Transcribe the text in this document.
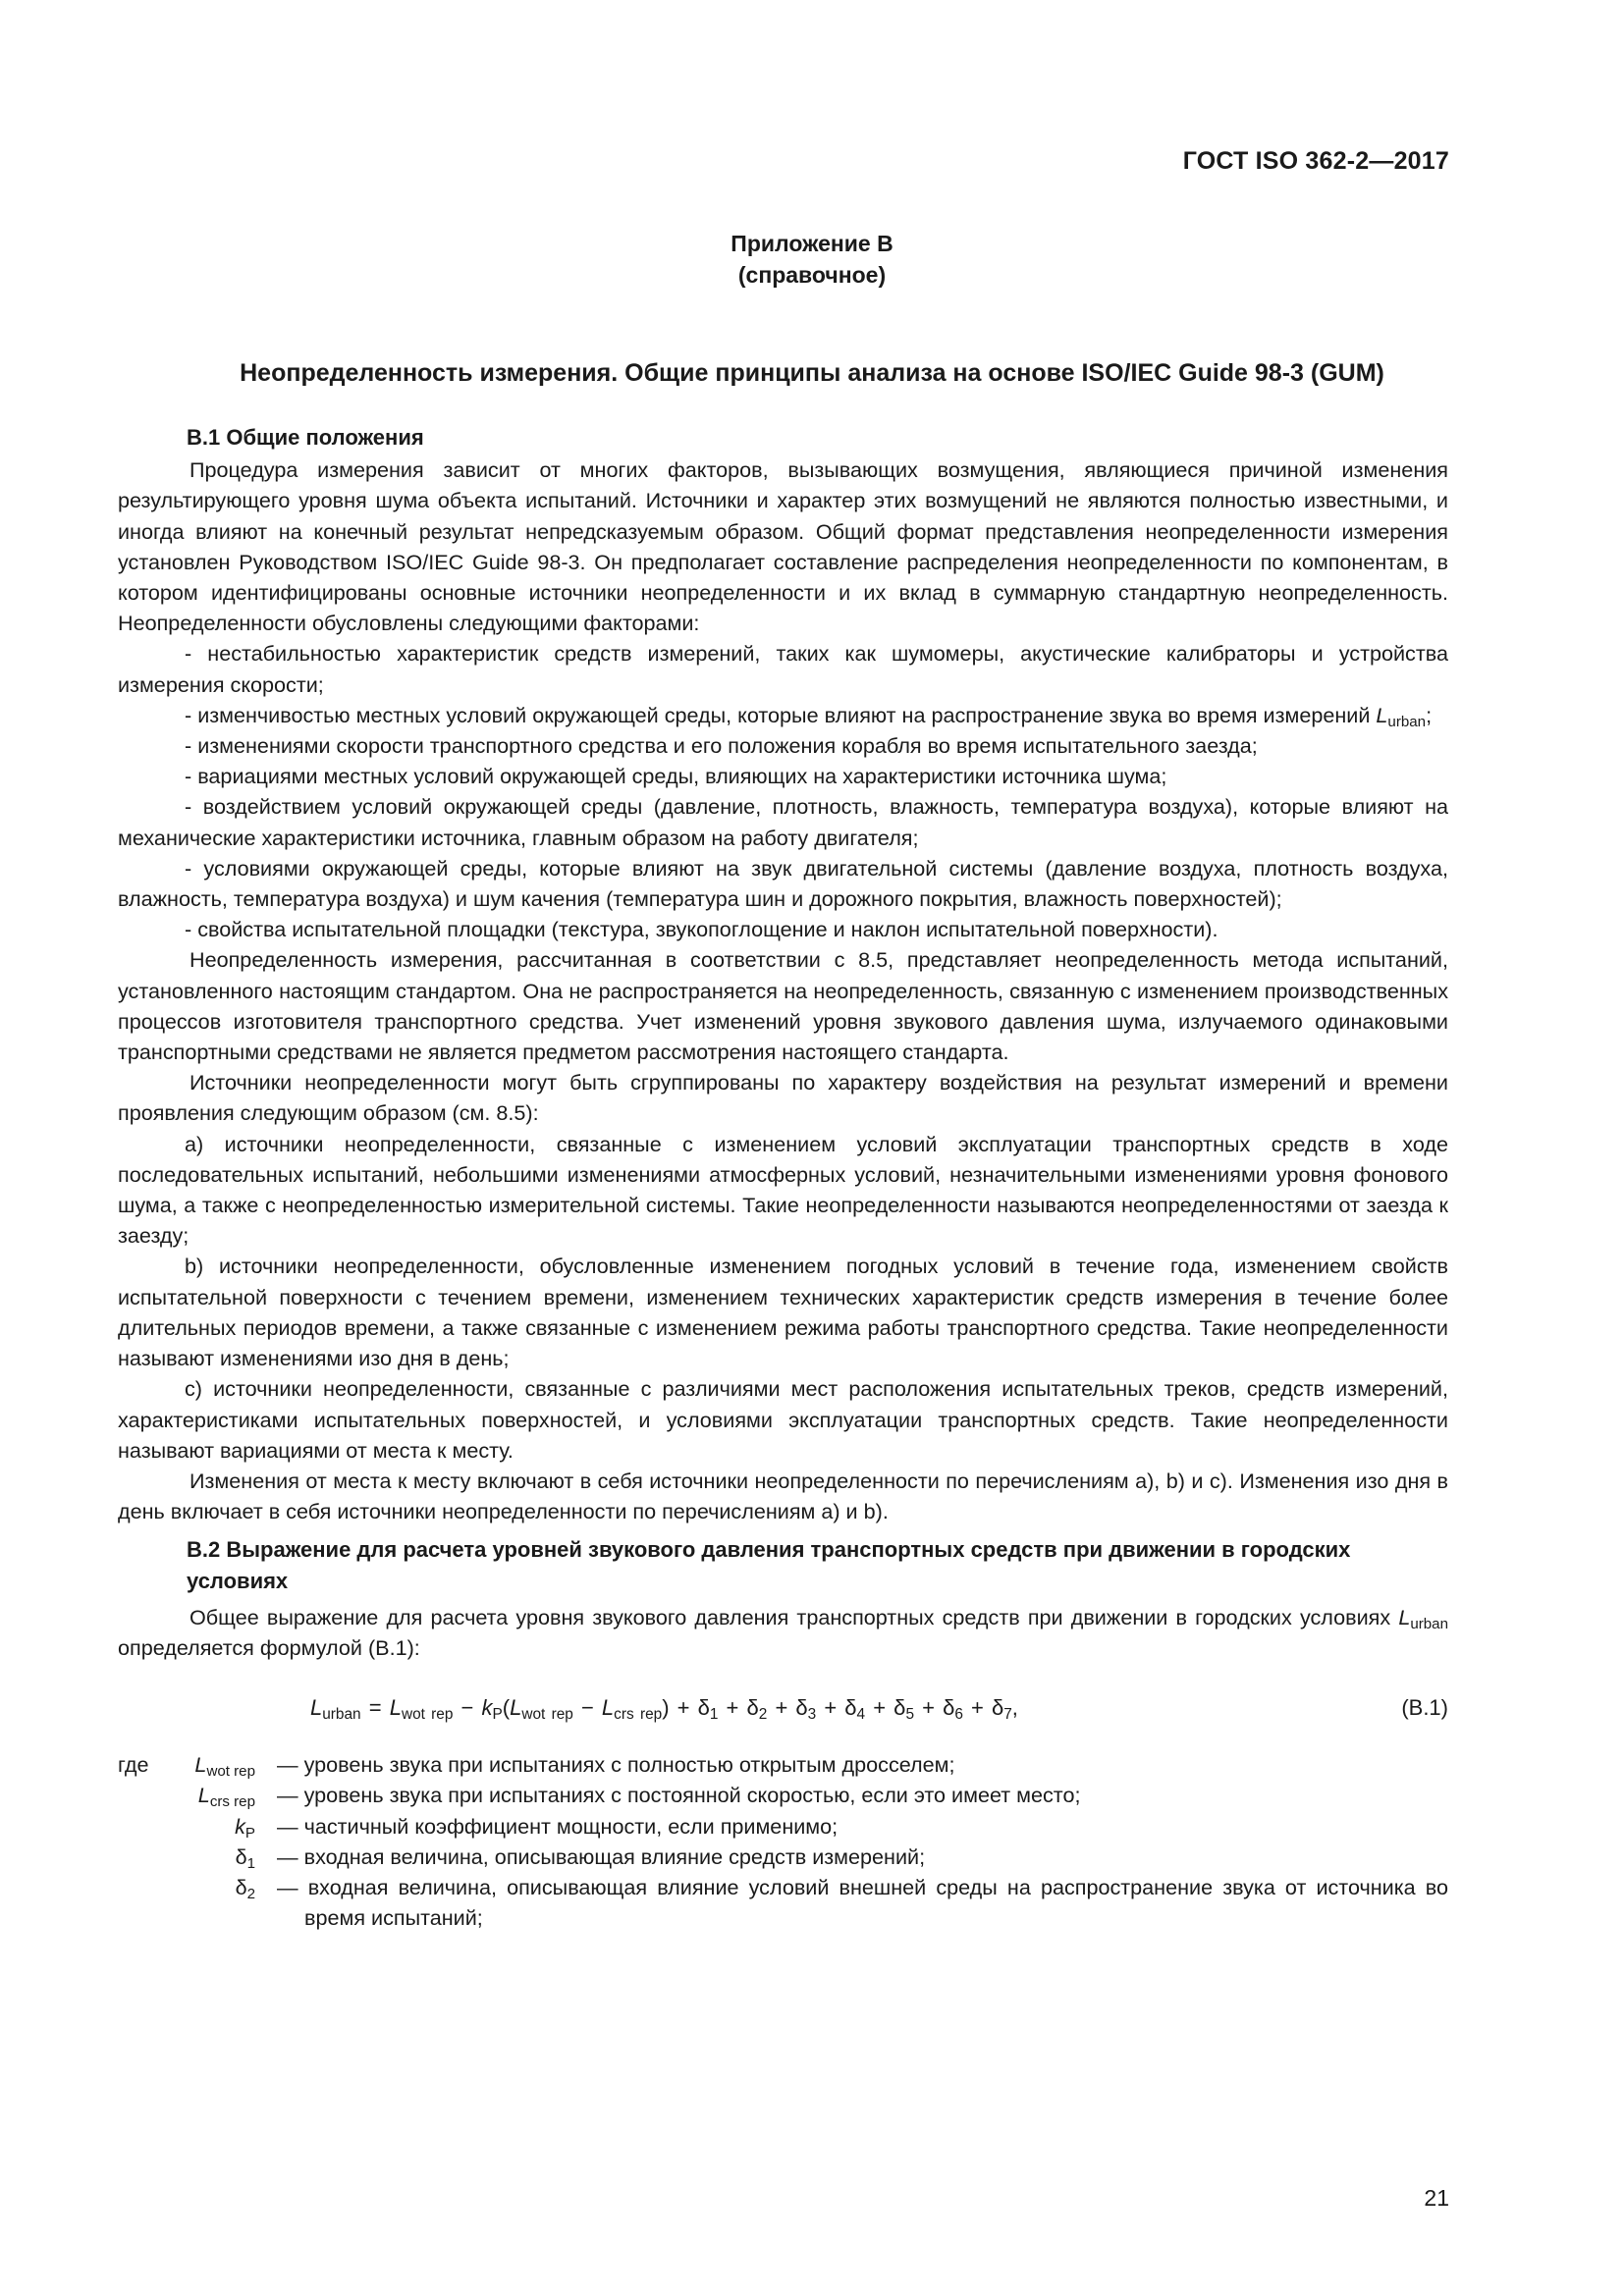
ГОСТ ISO 362-2—2017
Приложение B
(справочное)
Неопределенность измерения. Общие принципы анализа на основе ISO/IEC Guide 98-3 (GUM)
B.1 Общие положения

Процедура измерения зависит от многих факторов, вызывающих возмущения, являющиеся причиной изменения результирующего уровня шума объекта испытаний. Источники и характер этих возмущений не являются полностью известными, и иногда влияют на конечный результат непредсказуемым образом. Общий формат представления неопределенности измерения установлен Руководством ISO/IEC Guide 98-3. Он предполагает составление распределения неопределенности по компонентам, в котором идентифицированы основные источники неопределенности и их вклад в суммарную стандартную неопределенность. Неопределенности обусловлены следующими факторами:

- нестабильностью характеристик средств измерений, таких как шумомеры, акустические калибраторы и устройства измерения скорости;

- изменчивостью местных условий окружающей среды, которые влияют на распространение звука во время измерений $L_{urban}$;

- изменениями скорости транспортного средства и его положения корабля во время испытательного заезда;

- вариациями местных условий окружающей среды, влияющих на характеристики источника шума;

- воздействием условий окружающей среды (давление, плотность, влажность, температура воздуха), которые влияют на механические характеристики источника, главным образом на работу двигателя;

- условиями окружающей среды, которые влияют на звук двигательной системы (давление воздуха, плотность воздуха, влажность, температура воздуха) и шум качения (температура шин и дорожного покрытия, влажность поверхностей);

- свойства испытательной площадки (текстура, звукопоглощение и наклон испытательной поверхности).

Неопределенность измерения, рассчитанная в соответствии с 8.5, представляет неопределенность метода испытаний, установленного настоящим стандартом. Она не распространяется на неопределенность, связанную с изменением производственных процессов изготовителя транспортного средства. Учет изменений уровня звукового давления шума, излучаемого одинаковыми транспортными средствами не является предметом рассмотрения настоящего стандарта.

Источники неопределенности могут быть сгруппированы по характеру воздействия на результат измерений и времени проявления следующим образом (см. 8.5):

a) источники неопределенности, связанные с изменением условий эксплуатации транспортных средств в ходе последовательных испытаний, небольшими изменениями атмосферных условий, незначительными изменениями уровня фонового шума, а также с неопределенностью измерительной системы. Такие неопределенности называются неопределенностями от заезда к заезду;

b) источники неопределенности, обусловленные изменением погодных условий в течение года, изменением свойств испытательной поверхности с течением времени, изменением технических характеристик средств измерения в течение более длительных периодов времени, а также связанные с изменением режима работы транспортного средства. Такие неопределенности называют изменениями изо дня в день;

c) источники неопределенности, связанные с различиями мест расположения испытательных треков, средств измерений, характеристиками испытательных поверхностей, и условиями эксплуатации транспортных средств. Такие неопределенности называют вариациями от места к месту.

Изменения от места к месту включают в себя источники неопределенности по перечислениям a), b) и c). Изменения изо дня в день включает в себя источники неопределенности по перечислениям a) и b).

B.2 Выражение для расчета уровней звукового давления транспортных средств при движении в городских условиях

Общее выражение для расчета уровня звукового давления транспортных средств при движении в городских условиях $L_{urban}$ определяется формулой (B.1):

$L_{urban} = L_{wot rep} - k_P(L_{wot rep} - L_{crs rep}) + \delta_1 + \delta_2 + \delta_3 + \delta_4 + \delta_5 + \delta_6 + \delta_7$,	(B.1)
где $L_{wot rep}$ — уровень звука при испытаниях с полностью открытым дросселем;
$L_{crs rep}$ — уровень звука при испытаниях с постоянной скоростью, если это имеет место;
$k_P$ — частичный коэффициент мощности, если применимо;
$\delta_1$ — входная величина, описывающая влияние средств измерений;
$\delta_2$ — входная величина, описывающая влияние условий внешней среды на распространение звука от источника во время испытаний;
21
